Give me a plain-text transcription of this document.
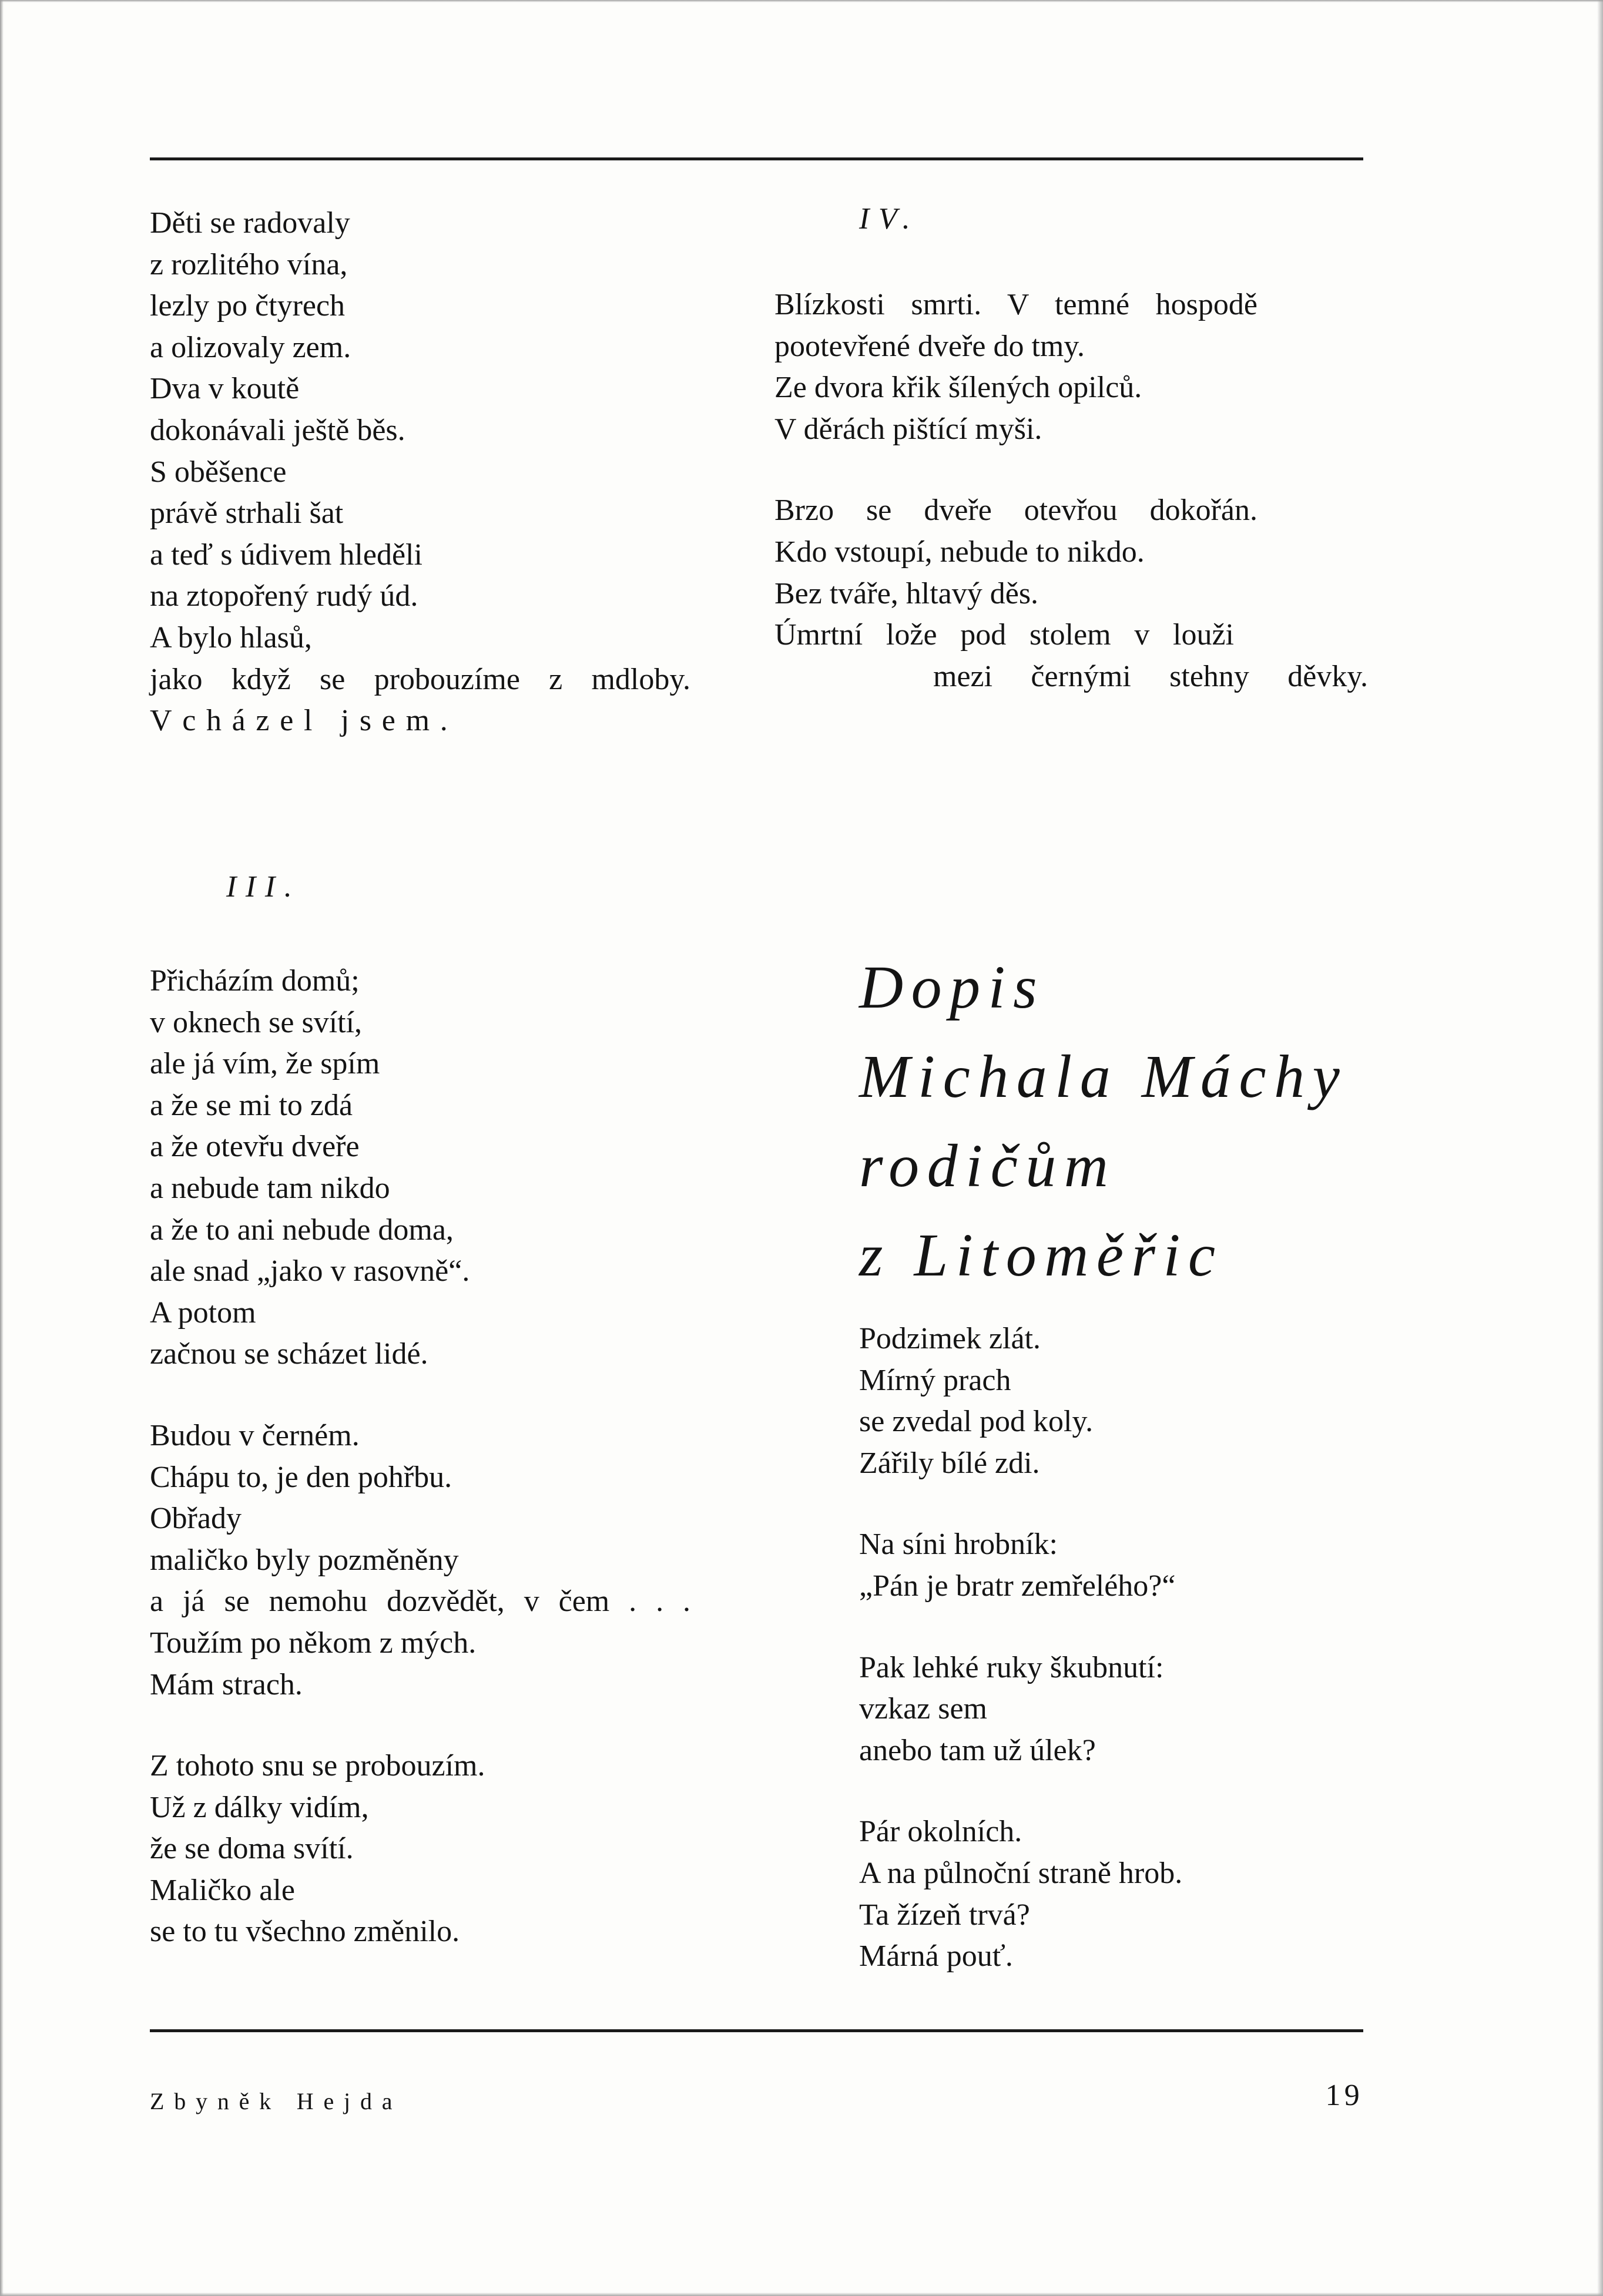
Děti se radovaly
z rozlitého vína,
lezly po čtyrech
a olizovaly zem.
Dva v koutě
dokonávali ještě běs.
S oběšence
právě strhali šat
a teď s údivem hleděli
na ztopořený rudý úd.
A bylo hlasů,
jako když se probouzíme z mdloby.
Vcházel jsem.
IV.
Blízkosti smrti. V temné hospodě
pootevřené dveře do tmy.
Ze dvora křik šílených opilců.
V děrách pištící myši.
Brzo se dveře otevřou dokořán.
Kdo vstoupí, nebude to nikdo.
Bez tváře, hltavý děs.
Úmrtní lože pod stolem v louži
mezi černými stehny děvky.
III.
Přicházím domů;
v oknech se svítí,
ale já vím, že spím
a že se mi to zdá
a že otevřu dveře
a nebude tam nikdo
a že to ani nebude doma,
ale snad „jako v rasovně“.
A potom
začnou se scházet lidé.
Budou v černém.
Chápu to, je den pohřbu.
Obřady
maličko byly pozměněny
a já se nemohu dozvědět, v čem . . .
Toužím po někom z mých.
Mám strach.
Z tohoto snu se probouzím.
Už z dálky vidím,
že se doma svítí.
Maličko ale
se to tu všechno změnilo.
Dopis
Michala Máchy
rodičům
z Litoměřic
Podzimek zlát.
Mírný prach
se zvedal pod koly.
Zářily bílé zdi.
Na síni hrobník:
„Pán je bratr zemřelého?“
Pak lehké ruky škubnutí:
vzkaz sem
anebo tam už úlek?
Pár okolních.
A na půlnoční straně hrob.
Ta žízeň trvá?
Márná pouť.
Zbyněk Hejda	19
